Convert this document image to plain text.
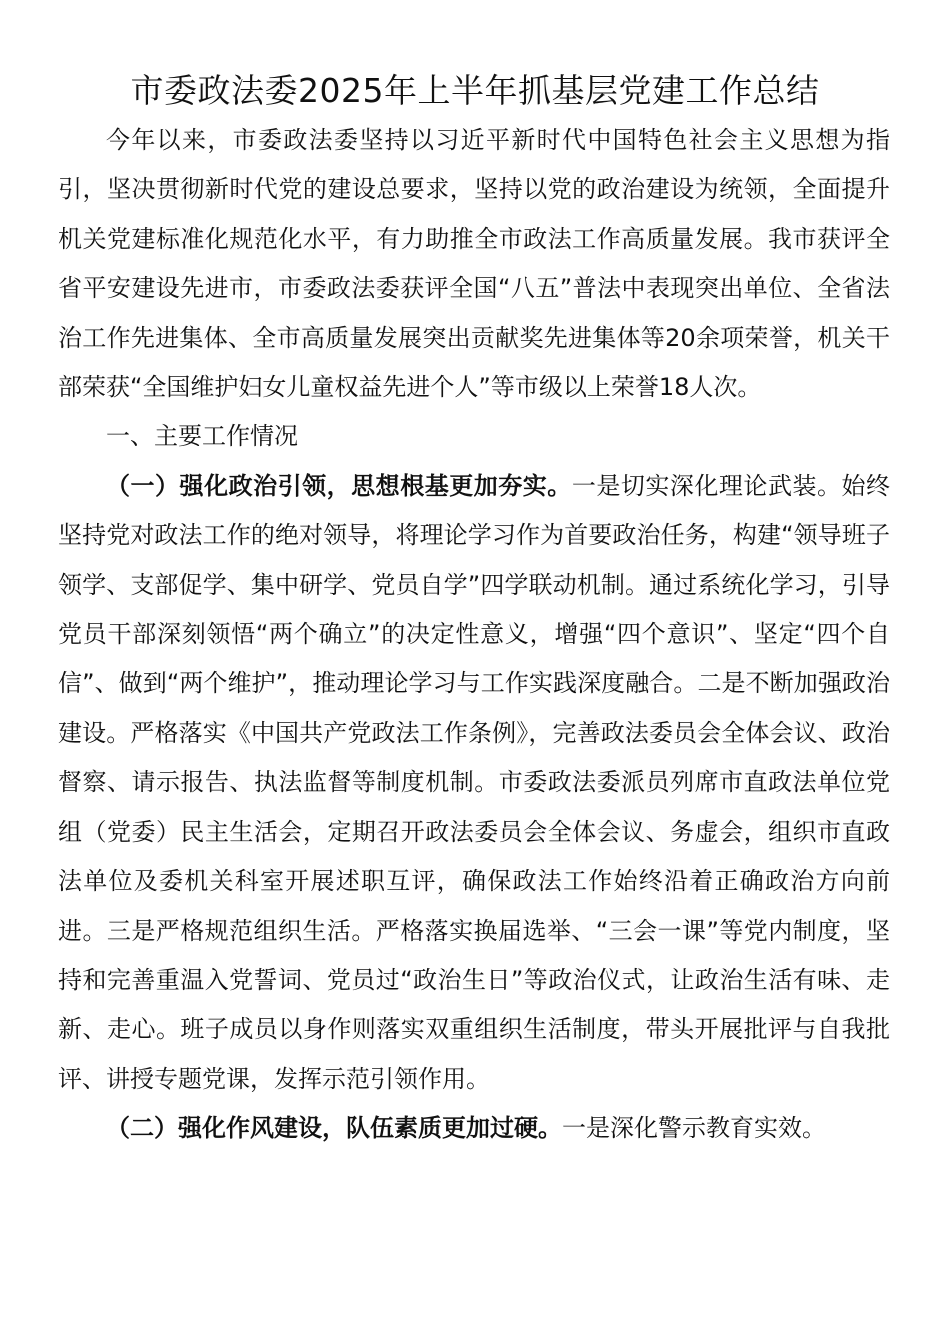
市委政法委2025年上半年抓基层党建工作总结

今年以来，市委政法委坚持以习近平新时代中国特色社会主义思想为指引，坚决贯彻新时代党的建设总要求，坚持以党的政治建设为统领，全面提升机关党建标准化规范化水平，有力助推全市政法工作高质量发展。我市获评全省平安建设先进市，市委政法委获评全国“八五”普法中表现突出单位、全省法治工作先进集体、全市高质量发展突出贡献奖先进集体等20余项荣誉，机关干部荣获“全国维护妇女儿童权益先进个人”等市级以上荣誉18人次。

一、主要工作情况

（一）强化政治引领，思想根基更加夯实。一是切实深化理论武装。始终坚持党对政法工作的绝对领导，将理论学习作为首要政治任务，构建“领导班子领学、支部促学、集中研学、党员自学”四学联动机制。通过系统化学习，引导党员干部深刻领悟“两个确立”的决定性意义，增强“四个意识”、坚定“四个自信”、做到“两个维护”，推动理论学习与工作实践深度融合。二是不断加强政治建设。严格落实《中国共产党政法工作条例》，完善政法委员会全体会议、政治督察、请示报告、执法监督等制度机制。市委政法委派员列席市直政法单位党组（党委）民主生活会，定期召开政法委员会全体会议、务虚会，组织市直政法单位及委机关科室开展述职互评，确保政法工作始终沿着正确政治方向前进。三是严格规范组织生活。严格落实换届选举、“三会一课”等党内制度，坚持和完善重温入党誓词、党员过“政治生日”等政治仪式，让政治生活有味、走新、走心。班子成员以身作则落实双重组织生活制度，带头开展批评与自我批评、讲授专题党课，发挥示范引领作用。

（二）强化作风建设，队伍素质更加过硬。一是深化警示教育实效。
